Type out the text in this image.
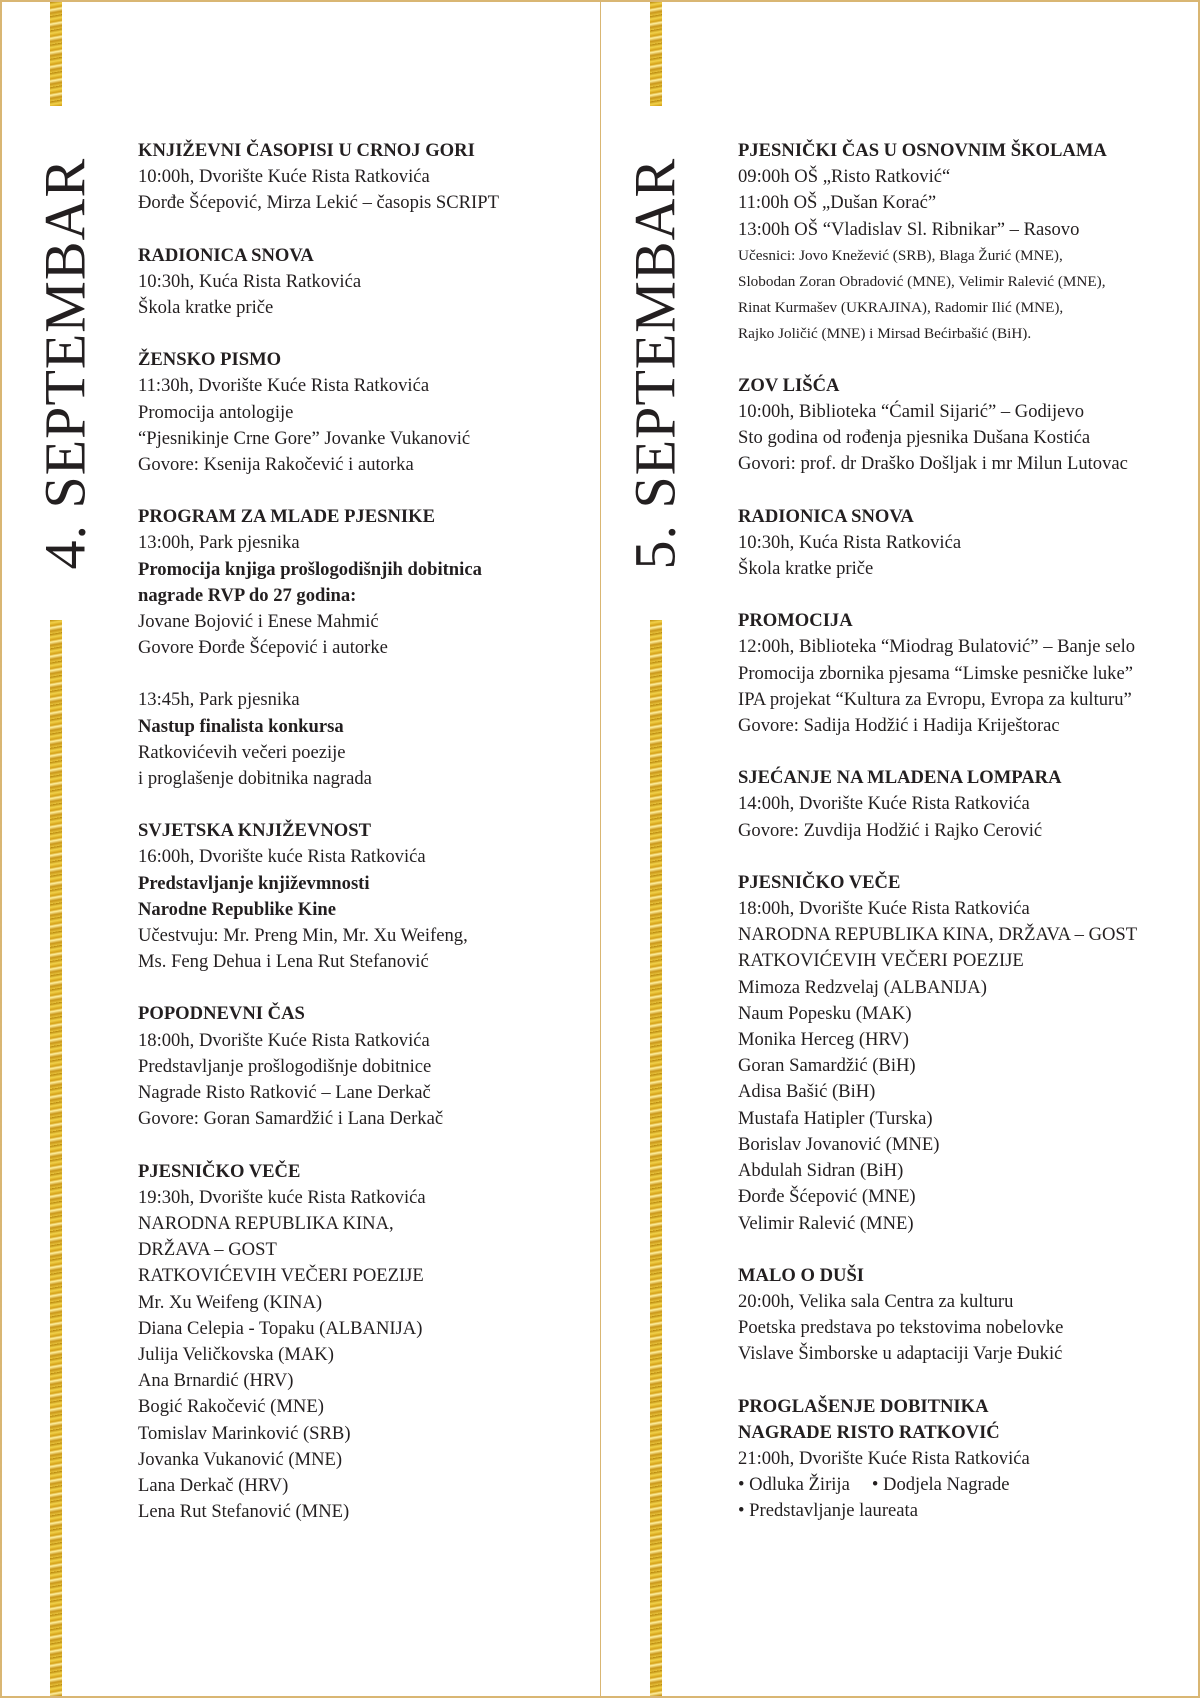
4. SEPTEMBAR	5. SEPTEMBAR
KNJIŽEVNI ČASOPISI U CRNOJ GORI
10:00h, Dvorište Kuće Rista Ratkovića
Đorđe Šćepović, Mirza Lekić – časopis SCRIPT
RADIONICA SNOVA
10:30h, Kuća Rista Ratkovića
Škola kratke priče
ŽENSKO PISMO
11:30h, Dvorište Kuće Rista Ratkovića
Promocija antologije
“Pjesnikinje Crne Gore” Jovanke Vukanović
Govore: Ksenija Rakočević i autorka
PROGRAM ZA MLADE PJESNIKE
13:00h, Park pjesnika
Promocija knjiga prošlogodišnjih dobitnica
nagrade RVP do 27 godina:
Jovane Bojović i Enese Mahmić
Govore Đorđe Šćepović i autorke
13:45h, Park pjesnika
Nastup finalista konkursa
Ratkovićevih večeri poezije
i proglašenje dobitnika nagrada
SVJETSKA KNJIŽEVNOST
16:00h, Dvorište kuće Rista Ratkovića
Predstavljanje književmnosti
Narodne Republike Kine
Učestvuju: Mr. Preng Min, Mr. Xu Weifeng,
Ms. Feng Dehua i Lena Rut Stefanović
POPODNEVNI ČAS
18:00h, Dvorište Kuće Rista Ratkovića
Predstavljanje prošlogodišnje dobitnice
Nagrade Risto Ratković – Lane Derkač
Govore: Goran Samardžić i Lana Derkač
PJESNIČKO VEČE
19:30h, Dvorište kuće Rista Ratkovića
NARODNA REPUBLIKA KINA,
DRŽAVA – GOST
RATKOVIĆEVIH VEČERI POEZIJE
Mr. Xu Weifeng (KINA)
Diana Celepia - Topaku (ALBANIJA)
Julija Veličkovska (MAK)
Ana Brnardić (HRV)
Bogić Rakočević (MNE)
Tomislav Marinković (SRB)
Jovanka Vukanović (MNE)
Lana Derkač (HRV)
Lena Rut Stefanović (MNE)
PJESNIČKI ČAS U OSNOVNIM ŠKOLAMA
09:00h OŠ „Risto Ratković“
11:00h OŠ „Dušan Korać”
13:00h OŠ “Vladislav Sl. Ribnikar” – Rasovo
Učesnici: Jovo Knežević (SRB), Blaga Žurić (MNE),
Slobodan Zoran Obradović (MNE), Velimir Ralević (MNE),
Rinat Kurmašev (UKRAJINA), Radomir Ilić (MNE),
Rajko Joličić (MNE) i Mirsad Bećirbašić (BiH).
ZOV LIŠĆA
10:00h, Biblioteka “Ćamil Sijarić” – Godijevo
Sto godina od rođenja pjesnika Dušana Kostića
Govori: prof. dr Draško Došljak i mr Milun Lutovac
RADIONICA SNOVA
10:30h, Kuća Rista Ratkovića
Škola kratke priče
PROMOCIJA
12:00h, Biblioteka “Miodrag Bulatović” – Banje selo
Promocija zbornika pjesama “Limske pesničke luke”
IPA projekat “Kultura za Evropu, Evropa za kulturu”
Govore: Sadija Hodžić i Hadija Kriještorac
SJEĆANJE NA MLADENA LOMPARA
14:00h, Dvorište Kuće Rista Ratkovića
Govore: Zuvdija Hodžić i Rajko Cerović
PJESNIČKO VEČE
18:00h, Dvorište Kuće Rista Ratkovića
NARODNA REPUBLIKA KINA, DRŽAVA – GOST
RATKOVIĆEVIH VEČERI POEZIJE
Mimoza Redzvelaj (ALBANIJA)
Naum Popesku (MAK)
Monika Herceg (HRV)
Goran Samardžić (BiH)
Adisa Bašić (BiH)
Mustafa Hatipler (Turska)
Borislav Jovanović (MNE)
Abdulah Sidran (BiH)
Đorđe Šćepović (MNE)
Velimir Ralević (MNE)
MALO O DUŠI
20:00h, Velika sala Centra za kulturu
Poetska predstava po tekstovima nobelovke
Vislave Šimborske u adaptaciji Varje Đukić
PROGLAŠENJE DOBITNIKA
NAGRADE RISTO RATKOVIĆ
21:00h, Dvorište Kuće Rista Ratkovića
• Odluka Žirija • Dodjela Nagrade
• Predstavljanje laureata
